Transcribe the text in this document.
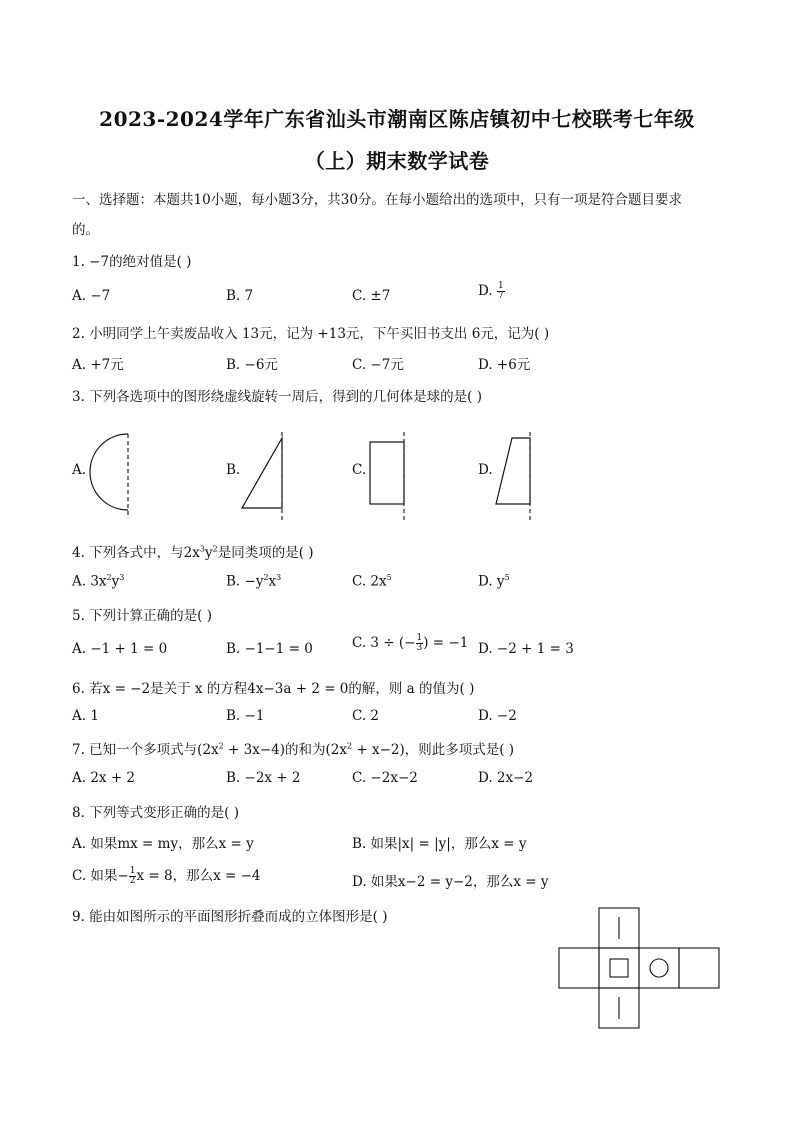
2023-2024学年广东省汕头市潮南区陈店镇初中七校联考七年级
（上）期末数学试卷
一、选择题：本题共10小题，每小题3分，共30分。在每小题给出的选项中，只有一项是符合题目要求
的。
1. −7的绝对值是( )
A. −7	B. 7	C. ±7	D. $\frac{1}{7}$
2. 小明同学上午卖废品收入 13元，记为 +13元，下午买旧书支出 6元，记为( )
A. +7元	B. −6元	C. −7元	D. +6元
3. 下列各选项中的图形绕虚线旋转一周后，得到的几何体是球的是( )
A.	B.	C.	D.
4. 下列各式中，与$2x^3y^2$是同类项的是( )
A. $3x^2y^3$	B. $-y^2x^3$	C. $2x^5$	D. $y^5$
5. 下列计算正确的是( )
A. −1 + 1 = 0	B. −1−1 = 0	C. 3 ÷ (− $\frac{1}{3}$ ) = −1 D. −2 + 1 = 3
6. 若x = −2是关于 x 的方程4x−3a + 2 = 0的解，则 a 的值为( )
A. 1	B. −1	C. 2	D. −2
7. 已知一个多项式与$(2x^2 + 3x-4)$的和为$(2x^2 + x-2)$，则此多项式是( )
A. 2x + 2	B. −2x + 2	C. −2x−2	D. 2x−2
8. 下列等式变形正确的是( )
A. 如果mx = my，那么x = y	B. 如果|x| = |y|，那么x = y
C. 如果− $\frac{1}{2}$ x = 8，那么x = −4	D. 如果x−2 = y−2，那么x = y
9. 能由如图所示的平面图形折叠而成的立体图形是( )
